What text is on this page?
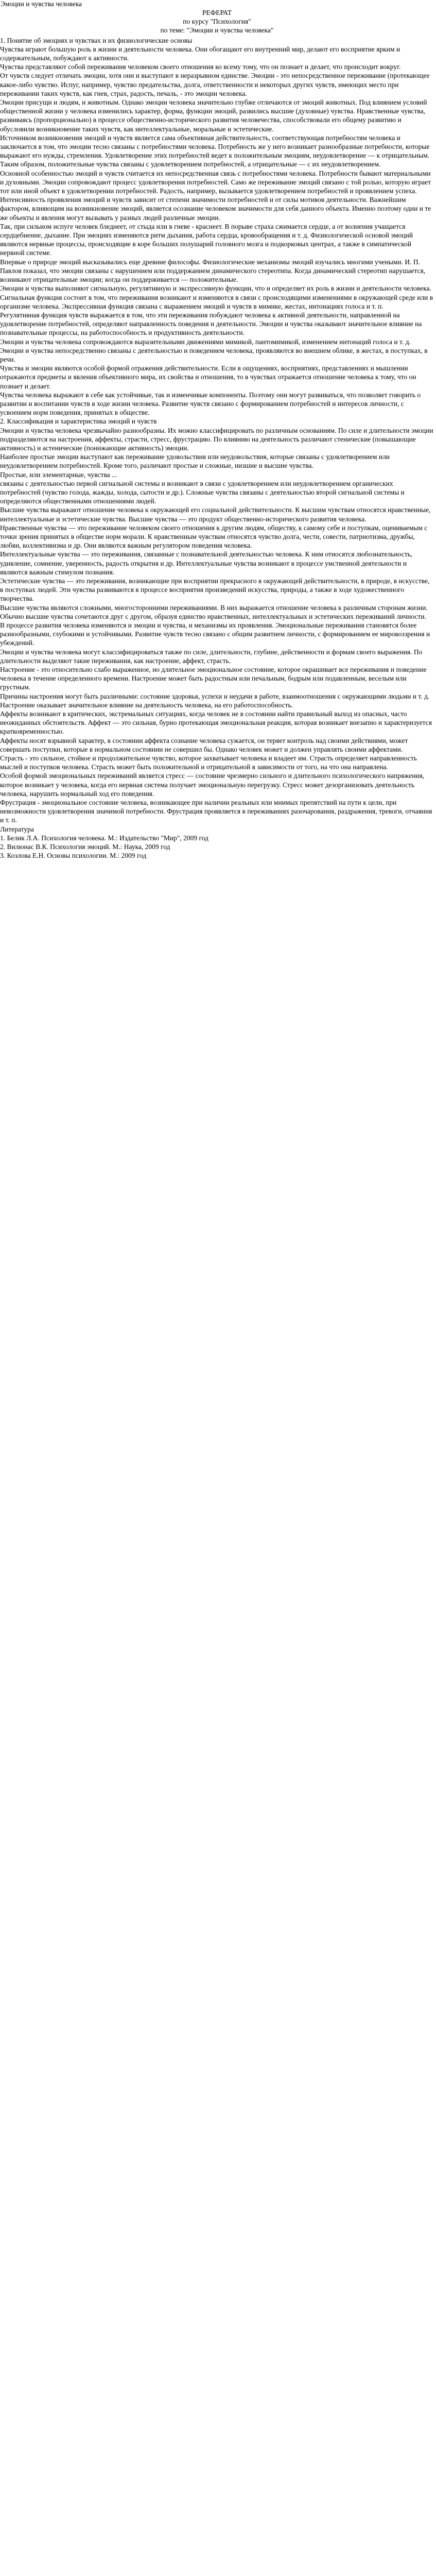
Эмоции и чувства человека

РЕФЕРАТ

по курсу "Психология"

по теме: "Эмоции и чувства человека"

1. Понятие об эмоциях и чувствах и их физиологические основы

Чувства играют большую роль в жизни и деятельности человека. Они обогащают его внутренний мир, делают его восприятие ярким и содержательным, побуждают к активности.

Чувства представляют собой переживания человеком своего отношения ко всему тому, что он познает и делает, что происходит вокруг.

От чувств следует отличать эмоции, хотя они и выступают в неразрывном единстве. Эмоции - это непосредственное переживание (протекающее какое-либо чувство. Испуг, например, чувство предательства, долга, ответственности и некоторых других чувств, имеющих место при переживании таких чувств, как гнев, страх, радость, печаль, - это эмоции человека.

Эмоции присущи и людям, и животным. Однако эмоции человека значительно глубже отличаются от эмоций животных. Под влиянием условий общественной жизни у человека изменились характер, форма, функции эмоций, развились высшие (духовные) чувства. Нравственные чувства, развиваясь (пропорционально) в процессе общественно-исторического развития человечества, способствовали его общему развитию и обусловили возникновение таких чувств, как интеллектуальные, моральные и эстетические.

Источником возникновения эмоций и чувств является сама объективная действительность, соответствующая потребностям человека и заключается в том, что эмоции тесно связаны с потребностями человека. Потребность же у него возникает разнообразные потребности, которые выражают его нужды, стремления. Удовлетворение этих потребностей ведет к положительным эмоциям, неудовлетворение — к отрицательным. Таким образом, положительные чувства связаны с удовлетворением потребностей, а отрицательные — с их неудовлетворением.

Основной особенностью эмоций и чувств считается их непосредственная связь с потребностями человека. Потребности бывают материальными и духовными. Эмоции сопровождают процесс удовлетворения потребностей. Само же переживание эмоций связано с той ролью, которую играет тот или иной объект в удовлетворении потребностей. Радость, например, вызывается удовлетворением потребностей и проявлением успеха.

Интенсивность проявления эмоций и чувств зависит от степени значимости потребностей и от силы мотивов деятельности. Важнейшим фактором, влияющим на возникновение эмоций, является осознание человеком значимости для себя данного объекта. Именно поэтому одни и те же объекты и явления могут вызывать у разных людей различные эмоции.

Так, при сильном испуге человек бледнеет, от стыда или в гневе - краснеет. В порыве страха сжимается сердце, а от волнения учащается сердцебиение, дыхание. При эмоциях изменяются ритм дыхания, работа сердца, кровообращения и т. д. Физиологической основой эмоций являются нервные процессы, происходящие в коре больших полушарий головного мозга и подкорковых центрах, а также в симпатической нервной системе.

Впервые о природе эмоций высказывались еще древние философы. Физиологические механизмы эмоций изучались многими учеными. И. П. Павлов показал, что эмоции связаны с нарушением или поддержанием динамического стереотипа. Когда динамический стереотип нарушается, возникают отрицательные эмоции; когда он поддерживается — положительные.

Эмоции и чувства выполняют сигнальную, регулятивную и экспрессивную функции, что и определяет их роль в жизни и деятельности человека. Сигнальная функция состоит в том, что переживания возникают и изменяются в связи с происходящими изменениями в окружающей среде или в организме человека. Экспрессивная функция связана с выражением эмоций и чувств в мимике, жестах, интонациях голоса и т. п.

Регулятивная функция чувств выражается в том, что эти переживания побуждают человека к активной деятельности, направленной на удовлетворение потребностей, определяют направленность поведения и деятельности. Эмоции и чувства оказывают значительное влияние на познавательные процессы, на работоспособность и продуктивность деятельности.

Эмоции и чувства человека сопровождаются выразительными движениями мимикой, пантомимикой, изменением интонаций голоса и т. д. Эмоции и чувства непосредственно связаны с деятельностью и поведением человека, проявляются во внешнем облике, в жестах, в поступках, в речи.

Чувства и эмоции являются особой формой отражения действительности. Если в ощущениях, восприятиях, представлениях и мышлении отражаются предметы и явления объективного мира, их свойства и отношения, то в чувствах отражается отношение человека к тому, что он познает и делает.

Чувства человека выражают в себе как устойчивые, так и изменчивые компоненты. Поэтому они могут развиваться, что позволяет говорить о развитии и воспитании чувств в ходе жизни человека. Развитие чувств связано с формированием потребностей и интересов личности, с усвоением норм поведения, принятых в обществе.

2. Классификация и характеристика эмоций и чувств

Эмоции и чувства человека чрезвычайно разнообразны. Их можно классифицировать по различным основаниям. По силе и длительности эмоции подразделяются на настроения, аффекты, страсти, стресс, фрустрацию. По влиянию на деятельность различают стенические (повышающие активность) и астенические (понижающие активность) эмоции.

Наиболее простые эмоции выступают как переживание удовольствия или неудовольствия, которые связаны с удовлетворением или неудовлетворением потребностей. Кроме того, различают простые и сложные, низшие и высшие чувства.

Простые, или элементарные, чувства ...

связаны с деятельностью первой сигнальной системы и возникают в связи с удовлетворением или неудовлетворением органических потребностей (чувство голода, жажды, холода, сытости и др.). Сложные чувства связаны с деятельностью второй сигнальной системы и определяются общественными отношениями людей.

Высшие чувства выражают отношение человека к окружающей его социальной действительности. К высшим чувствам относятся нравственные, интеллектуальные и эстетические чувства. Высшие чувства — это продукт общественно-исторического развития человека.

Нравственные чувства — это переживание человеком своего отношения к другим людям, обществу, к самому себе и поступкам, оцениваемым с точки зрения принятых в обществе норм морали. К нравственным чувствам относятся чувство долга, чести, совести, патриотизма, дружбы, любви, коллективизма и др. Они являются важным регулятором поведения человека.

Интеллектуальные чувства — это переживания, связанные с познавательной деятельностью человека. К ним относятся любознательность, удивление, сомнение, уверенность, радость открытия и др. Интеллектуальные чувства возникают в процессе умственной деятельности и являются важным стимулом познания.

Эстетические чувства — это переживания, возникающие при восприятии прекрасного в окружающей действительности, в природе, в искусстве, в поступках людей. Эти чувства развиваются в процессе восприятия произведений искусства, природы, а также в ходе художественного творчества.

Высшие чувства являются сложными, многосторонними переживаниями. В них выражается отношение человека к различным сторонам жизни. Обычно высшие чувства сочетаются друг с другом, образуя единство нравственных, интеллектуальных и эстетических переживаний личности.

В процессе развития человека изменяются и эмоции и чувства, и механизмы их проявления. Эмоциональные переживания становятся более разнообразными, глубокими и устойчивыми. Развитие чувств тесно связано с общим развитием личности, с формированием ее мировоззрения и убеждений.

Эмоции и чувства человека могут классифицироваться также по силе, длительности, глубине, действенности и формам своего выражения. По длительности выделяют такие переживания, как настроение, аффект, страсть.

Настроение - это относительно слабо выраженное, но длительное эмоциональное состояние, которое окрашивает все переживания и поведение человека в течение определенного времени. Настроение может быть радостным или печальным, бодрым или подавленным, веселым или грустным.

Причины настроения могут быть различными: состояние здоровья, успехи и неудачи в работе, взаимоотношения с окружающими людьми и т. д. Настроение оказывает значительное влияние на деятельность человека, на его работоспособность.

Аффекты возникают в критических, экстремальных ситуациях, когда человек не в состоянии найти правильный выход из опасных, часто неожиданных обстоятельств. Аффект — это сильная, бурно протекающая эмоциональная реакция, которая возникает внезапно и характеризуется кратковременностью.

Аффекты носят взрывной характер, в состоянии аффекта сознание человека сужается, он теряет контроль над своими действиями, может совершать поступки, которые в нормальном состоянии не совершил бы. Однако человек может и должен управлять своими аффектами.

Страсть - это сильное, стойкое и продолжительное чувство, которое захватывает человека и владеет им. Страсть определяет направленность мыслей и поступков человека. Страсть может быть положительной и отрицательной в зависимости от того, на что она направлена.

Особой формой эмоциональных переживаний является стресс — состояние чрезмерно сильного и длительного психологического напряжения, которое возникает у человека, когда его нервная система получает эмоциональную перегрузку. Стресс может дезорганизовать деятельность человека, нарушить нормальный ход его поведения.

Фрустрация - эмоциональное состояние человека, возникающее при наличии реальных или мнимых препятствий на пути к цели, при невозможности удовлетворения значимой потребности. Фрустрация проявляется в переживаниях разочарования, раздражения, тревоги, отчаяния и т. п.

Литература

1. Белик Л.А. Психология человека. М.: Издательство "Мир", 2009 год

2. Вилюнас В.К. Психология эмоций. М.: Наука, 2009 год

3. Козлова Е.Н. Основы психологии. М.: 2009 год
